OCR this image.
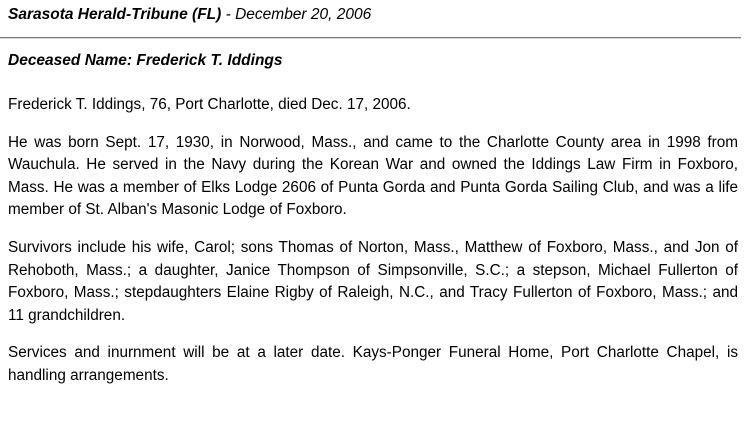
Sarasota Herald-Tribune (FL) - December 20, 2006
Deceased Name: Frederick T. Iddings

Frederick T. Iddings, 76, Port Charlotte, died Dec. 17, 2006.

He was born Sept. 17, 1930, in Norwood, Mass., and came to the Charlotte County area in 1998 from Wauchula. He served in the Navy during the Korean War and owned the Iddings Law Firm in Foxboro, Mass. He was a member of Elks Lodge 2606 of Punta Gorda and Punta Gorda Sailing Club, and was a life member of St. Alban's Masonic Lodge of Foxboro.

Survivors include his wife, Carol; sons Thomas of Norton, Mass., Matthew of Foxboro, Mass., and Jon of Rehoboth, Mass.; a daughter, Janice Thompson of Simpsonville, S.C.; a stepson, Michael Fullerton of Foxboro, Mass.; stepdaughters Elaine Rigby of Raleigh, N.C., and Tracy Fullerton of Foxboro, Mass.; and 11 grandchildren.

Services and inurnment will be at a later date. Kays-Ponger Funeral Home, Port Charlotte Chapel, is handling arrangements.
